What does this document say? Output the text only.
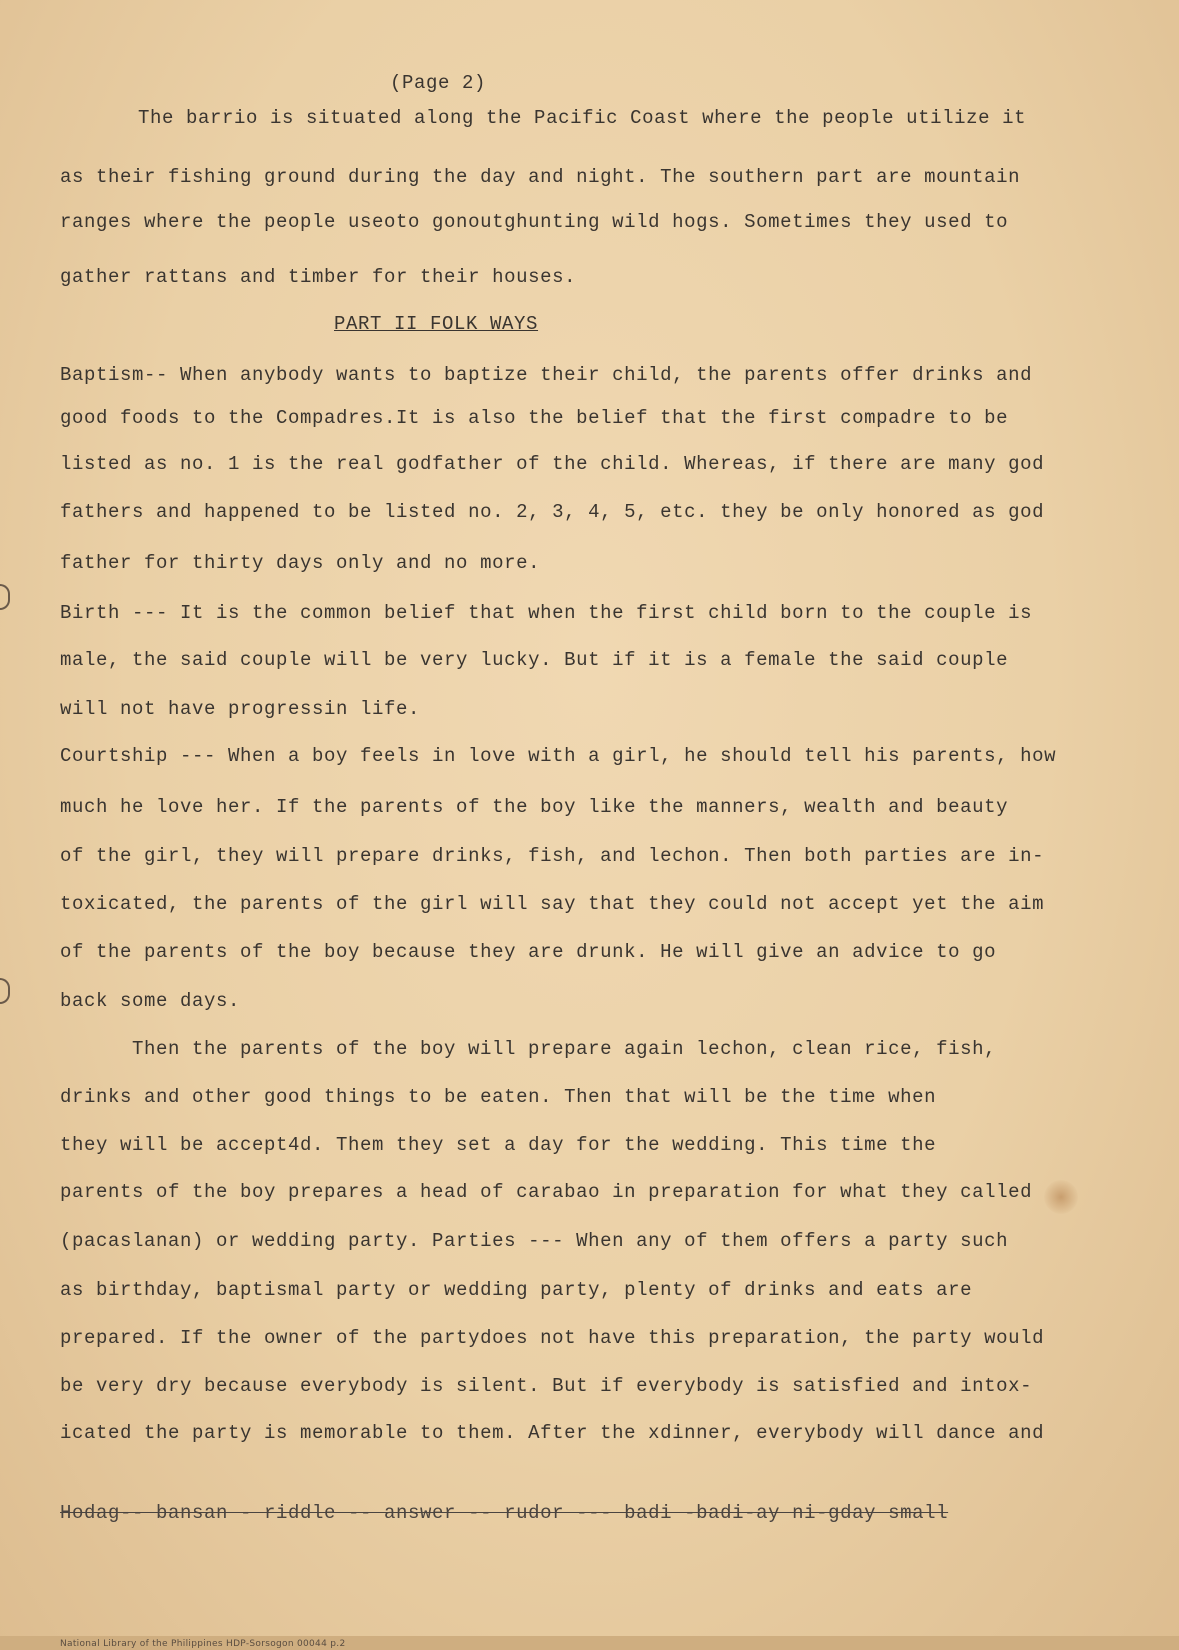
(Page 2)
The barrio is situated along the Pacific Coast where the people utilize it
as their fishing ground during the day and night. The southern part are mountain
ranges where the people useoto gonoutghunting wild hogs. Sometimes they used to
gather rattans and timber for their houses.
PART II FOLK WAYS
Baptism-- When anybody wants to baptize their child, the parents offer drinks and
good foods to the Compadres.It is also the belief that the first compadre to be
listed as no. 1 is the real godfather of the child. Whereas, if there are many god
fathers and happened to be listed no. 2, 3, 4, 5, etc. they be only honored as god
father for thirty days only and no more.
Birth --- It is the common belief that when the first child born to the couple is
male, the said couple will be very lucky. But if it is a female the said couple
will not have progressin life.
Courtship --- When a boy feels in love with a girl, he should tell his parents, how
much he love her. If the parents of the boy like the manners, wealth and beauty
of the girl, they will prepare drinks, fish, and lechon. Then both parties are in-
toxicated, the parents of the girl will say that they could not accept yet the aim
of the parents of the boy because they are drunk. He will give an advice to go
back some days.
Then the parents of the boy will prepare again lechon, clean rice, fish,
drinks and other good things to be eaten. Then that will be the time when
they will be accept4d. Them they set a day for the wedding. This time the
parents of the boy prepares a head of carabao in preparation for what they called
(pacaslanan) or wedding party. Parties --- When any of them offers a party such
as birthday, baptismal party or wedding party, plenty of drinks and eats are
prepared. If the owner of the partydoes not have this preparation, the party would
be very dry because everybody is silent. But if everybody is satisfied and intox-
icated the party is memorable to them. After the xdinner, everybody will dance and
Hodag-- bansan - riddle -- answer -- rudor --- badi -badi-ay ni-gday small
National Library of the Philippines HDP-Sorsogon 00044 p.2
